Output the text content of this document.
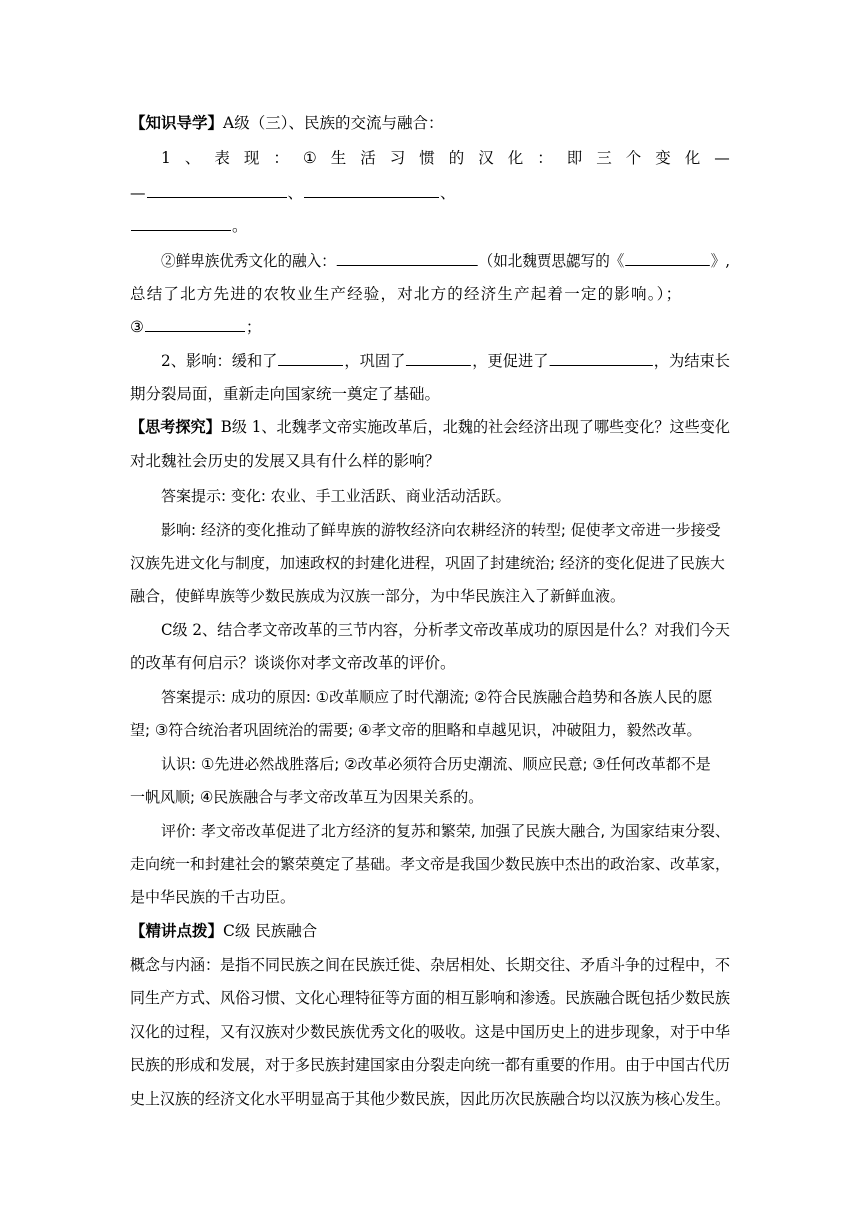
【知识导学】A级（三）、民族的交流与融合：
1 、 表 现 ： ① 生 活 习 惯 的 汉 化 ： 即 三 个 变 化 —
—	、	、
。
②鲜卑族优秀文化的融入：	（如北魏贾思勰写的《	》,
总结了北方先进的农牧业生产经验，对北方的经济生产起着一定的影响。）；
③	；
2、影响：缓和了	，巩固了	，更促进了	，为结束长
期分裂局面，重新走向国家统一奠定了基础。
【思考探究】B级 1、北魏孝文帝实施改革后，北魏的社会经济出现了哪些变化？这些变化
对北魏社会历史的发展又具有什么样的影响？
答案提示: 变化: 农业、手工业活跃、商业活动活跃。
影响: 经济的变化推动了鲜卑族的游牧经济向农耕经济的转型; 促使孝文帝进一步接受
汉族先进文化与制度，加速政权的封建化进程，巩固了封建统治; 经济的变化促进了民族大
融合，使鲜卑族等少数民族成为汉族一部分，为中华民族注入了新鲜血液。
C级 2、结合孝文帝改革的三节内容，分析孝文帝改革成功的原因是什么？对我们今天
的改革有何启示？谈谈你对孝文帝改革的评价。
答案提示: 成功的原因: ①改革顺应了时代潮流; ②符合民族融合趋势和各族人民的愿
望; ③符合统治者巩固统治的需要; ④孝文帝的胆略和卓越见识，冲破阻力，毅然改革。
认识: ①先进必然战胜落后; ②改革必须符合历史潮流、顺应民意; ③任何改革都不是
一帆风顺; ④民族融合与孝文帝改革互为因果关系的。
评价: 孝文帝改革促进了北方经济的复苏和繁荣, 加强了民族大融合, 为国家结束分裂、
走向统一和封建社会的繁荣奠定了基础。孝文帝是我国少数民族中杰出的政治家、改革家，
是中华民族的千古功臣。
【精讲点拨】C级 民族融合
概念与内涵：是指不同民族之间在民族迁徙、杂居相处、长期交往、矛盾斗争的过程中，不
同生产方式、风俗习惯、文化心理特征等方面的相互影响和渗透。民族融合既包括少数民族
汉化的过程，又有汉族对少数民族优秀文化的吸收。这是中国历史上的进步现象，对于中华
民族的形成和发展，对于多民族封建国家由分裂走向统一都有重要的作用。由于中国古代历
史上汉族的经济文化水平明显高于其他少数民族，因此历次民族融合均以汉族为核心发生。
